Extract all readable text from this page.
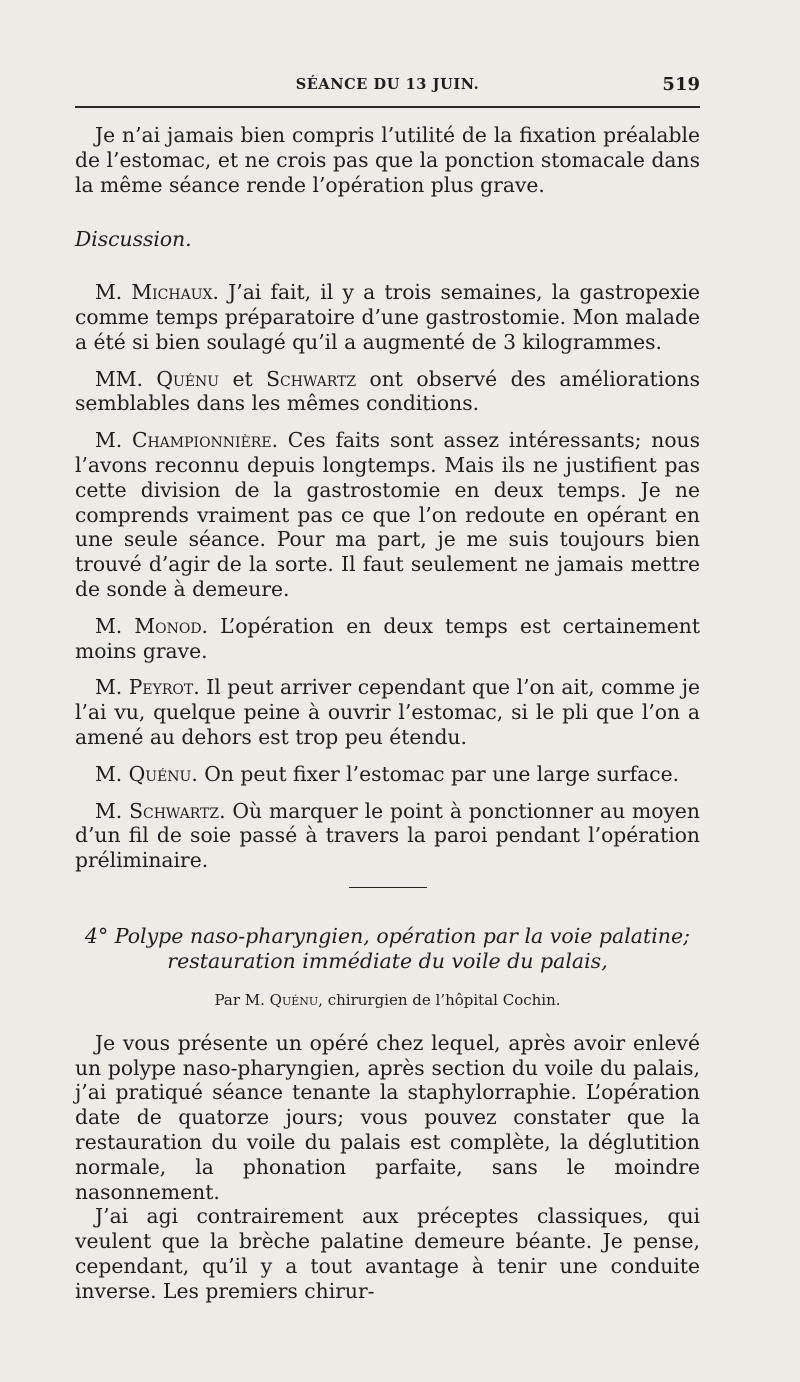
SÉANCE DU 13 JUIN.	519

Je n’ai jamais bien compris l’utilité de la fixation préalable de l’estomac, et ne crois pas que la ponction stomacale dans la même séance rende l’opération plus grave.

Discussion.

M. Michaux. J’ai fait, il y a trois semaines, la gastropexie comme temps préparatoire d’une gastrostomie. Mon malade a été si bien soulagé qu’il a augmenté de 3 kilogrammes.

MM. Quénu et Schwartz ont observé des améliorations semblables dans les mêmes conditions.

M. Championnière. Ces faits sont assez intéressants; nous l’avons reconnu depuis longtemps. Mais ils ne justifient pas cette division de la gastrostomie en deux temps. Je ne comprends vraiment pas ce que l’on redoute en opérant en une seule séance. Pour ma part, je me suis toujours bien trouvé d’agir de la sorte. Il faut seulement ne jamais mettre de sonde à demeure.

M. Monod. L’opération en deux temps est certainement moins grave.

M. Peyrot. Il peut arriver cependant que l’on ait, comme je l’ai vu, quelque peine à ouvrir l’estomac, si le pli que l’on a amené au dehors est trop peu étendu.

M. Quénu. On peut fixer l’estomac par une large surface.

M. Schwartz. Où marquer le point à ponctionner au moyen d’un fil de soie passé à travers la paroi pendant l’opération préliminaire.

4° Polype naso-pharyngien, opération par la voie palatine;

restauration immédiate du voile du palais,

Par M. Quénu, chirurgien de l’hôpital Cochin.

Je vous présente un opéré chez lequel, après avoir enlevé un polype naso-pharyngien, après section du voile du palais, j’ai pratiqué séance tenante la staphylorraphie. L’opération date de quatorze jours; vous pouvez constater que la restauration du voile du palais est complète, la déglutition normale, la phonation parfaite, sans le moindre nasonnement.

J’ai agi contrairement aux préceptes classiques, qui veulent que la brèche palatine demeure béante. Je pense, cependant, qu’il y a tout avantage à tenir une conduite inverse. Les premiers chirur-
